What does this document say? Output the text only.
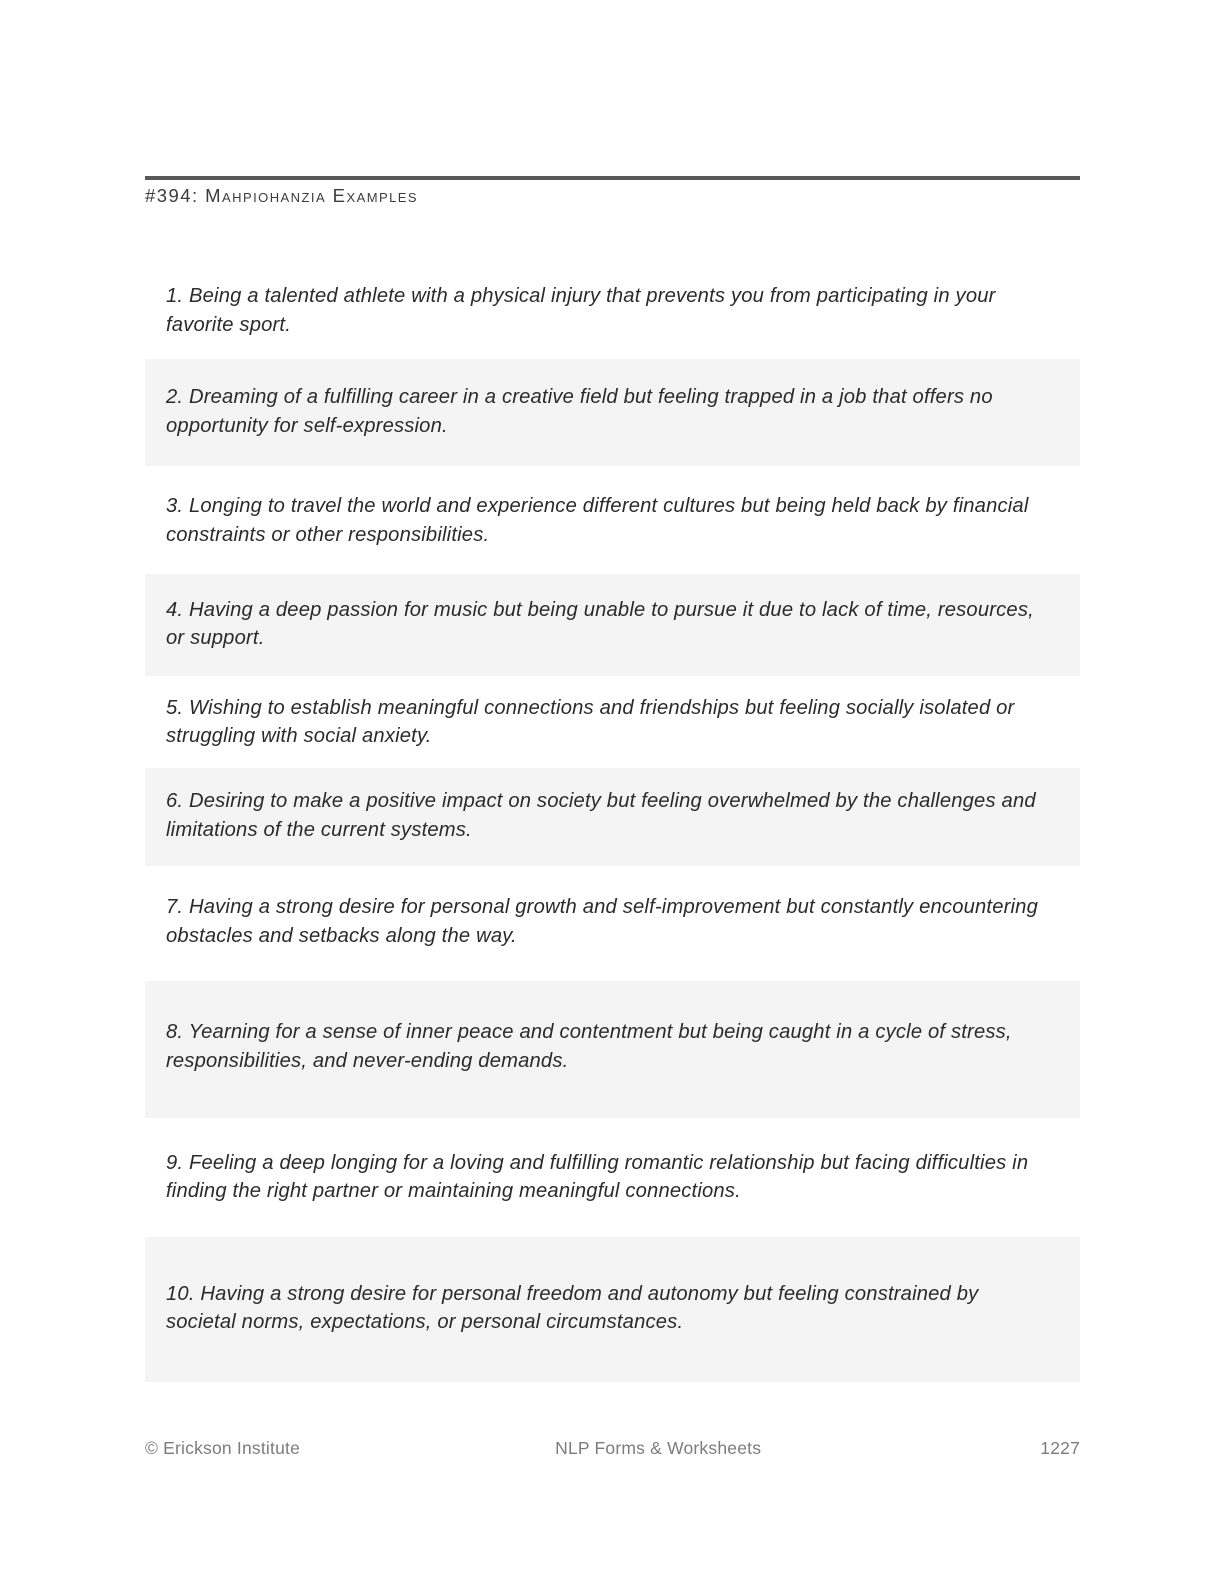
#394: Mahpiohanzia Examples

1. Being a talented athlete with a physical injury that prevents you from participating in your favorite sport.

2. Dreaming of a fulfilling career in a creative field but feeling trapped in a job that offers no opportunity for self-expression.

3. Longing to travel the world and experience different cultures but being held back by financial constraints or other responsibilities.

4. Having a deep passion for music but being unable to pursue it due to lack of time, resources, or support.

5. Wishing to establish meaningful connections and friendships but feeling socially isolated or struggling with social anxiety.

6. Desiring to make a positive impact on society but feeling overwhelmed by the challenges and limitations of the current systems.

7. Having a strong desire for personal growth and self-improvement but constantly encountering obstacles and setbacks along the way.

8. Yearning for a sense of inner peace and contentment but being caught in a cycle of stress, responsibilities, and never-ending demands.

9. Feeling a deep longing for a loving and fulfilling romantic relationship but facing difficulties in finding the right partner or maintaining meaningful connections.

10. Having a strong desire for personal freedom and autonomy but feeling constrained by societal norms, expectations, or personal circumstances.

© Erickson Institute	NLP Forms & Worksheets	1227
